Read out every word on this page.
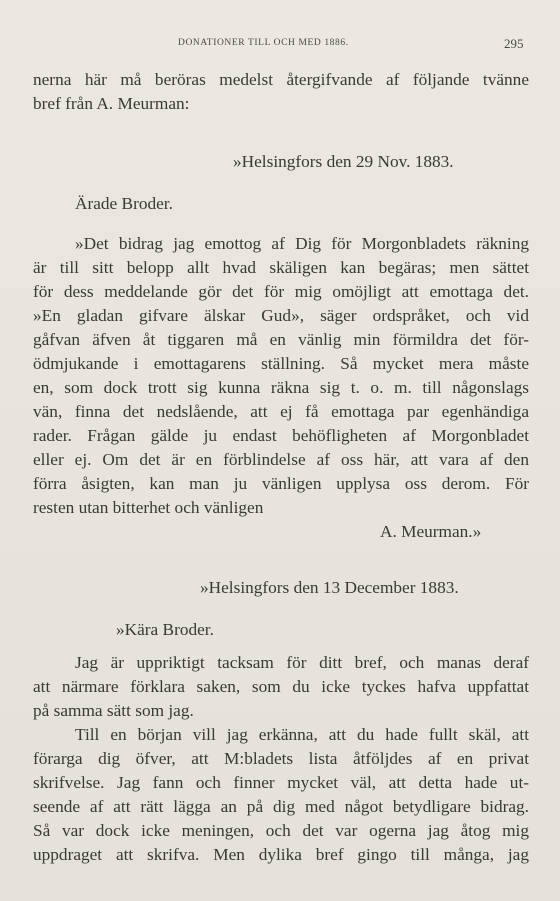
DONATIONER TILL OCH MED 1886.	295
nerna här må beröras medelst återgifvande af följande tvänne
bref från A. Meurman:
»Helsingfors den 29 Nov. 1883.
Ärade Broder.
»Det bidrag jag emottog af Dig för Morgonbladets räkning
är till sitt belopp allt hvad skäligen kan begäras; men sättet
för dess meddelande gör det för mig omöjligt att emottaga det.
»En gladan gifvare älskar Gud», säger ordspråket, och vid
gåfvan äfven åt tiggaren må en vänlig min förmildra det för-
ödmjukande i emottagarens ställning. Så mycket mera måste
en, som dock trott sig kunna räkna sig t. o. m. till någonslags
vän, finna det nedslående, att ej få emottaga par egenhändiga
rader. Frågan gälde ju endast behöfligheten af Morgonbladet
eller ej. Om det är en förblindelse af oss här, att vara af den
förra åsigten, kan man ju vänligen upplysa oss derom. För
resten utan bitterhet och vänligen
A. Meurman.»
»Helsingfors den 13 December 1883.
»Kära Broder.
Jag är uppriktigt tacksam för ditt bref, och manas deraf
att närmare förklara saken, som du icke tyckes hafva uppfattat
på samma sätt som jag.
Till en början vill jag erkänna, att du hade fullt skäl, att
förarga dig öfver, att M:bladets lista åtföljdes af en privat
skrifvelse. Jag fann och finner mycket väl, att detta hade ut-
seende af att rätt lägga an på dig med något betydligare bidrag.
Så var dock icke meningen, och det var ogerna jag åtog mig
uppdraget att skrifva. Men dylika bref gingo till många, jag
